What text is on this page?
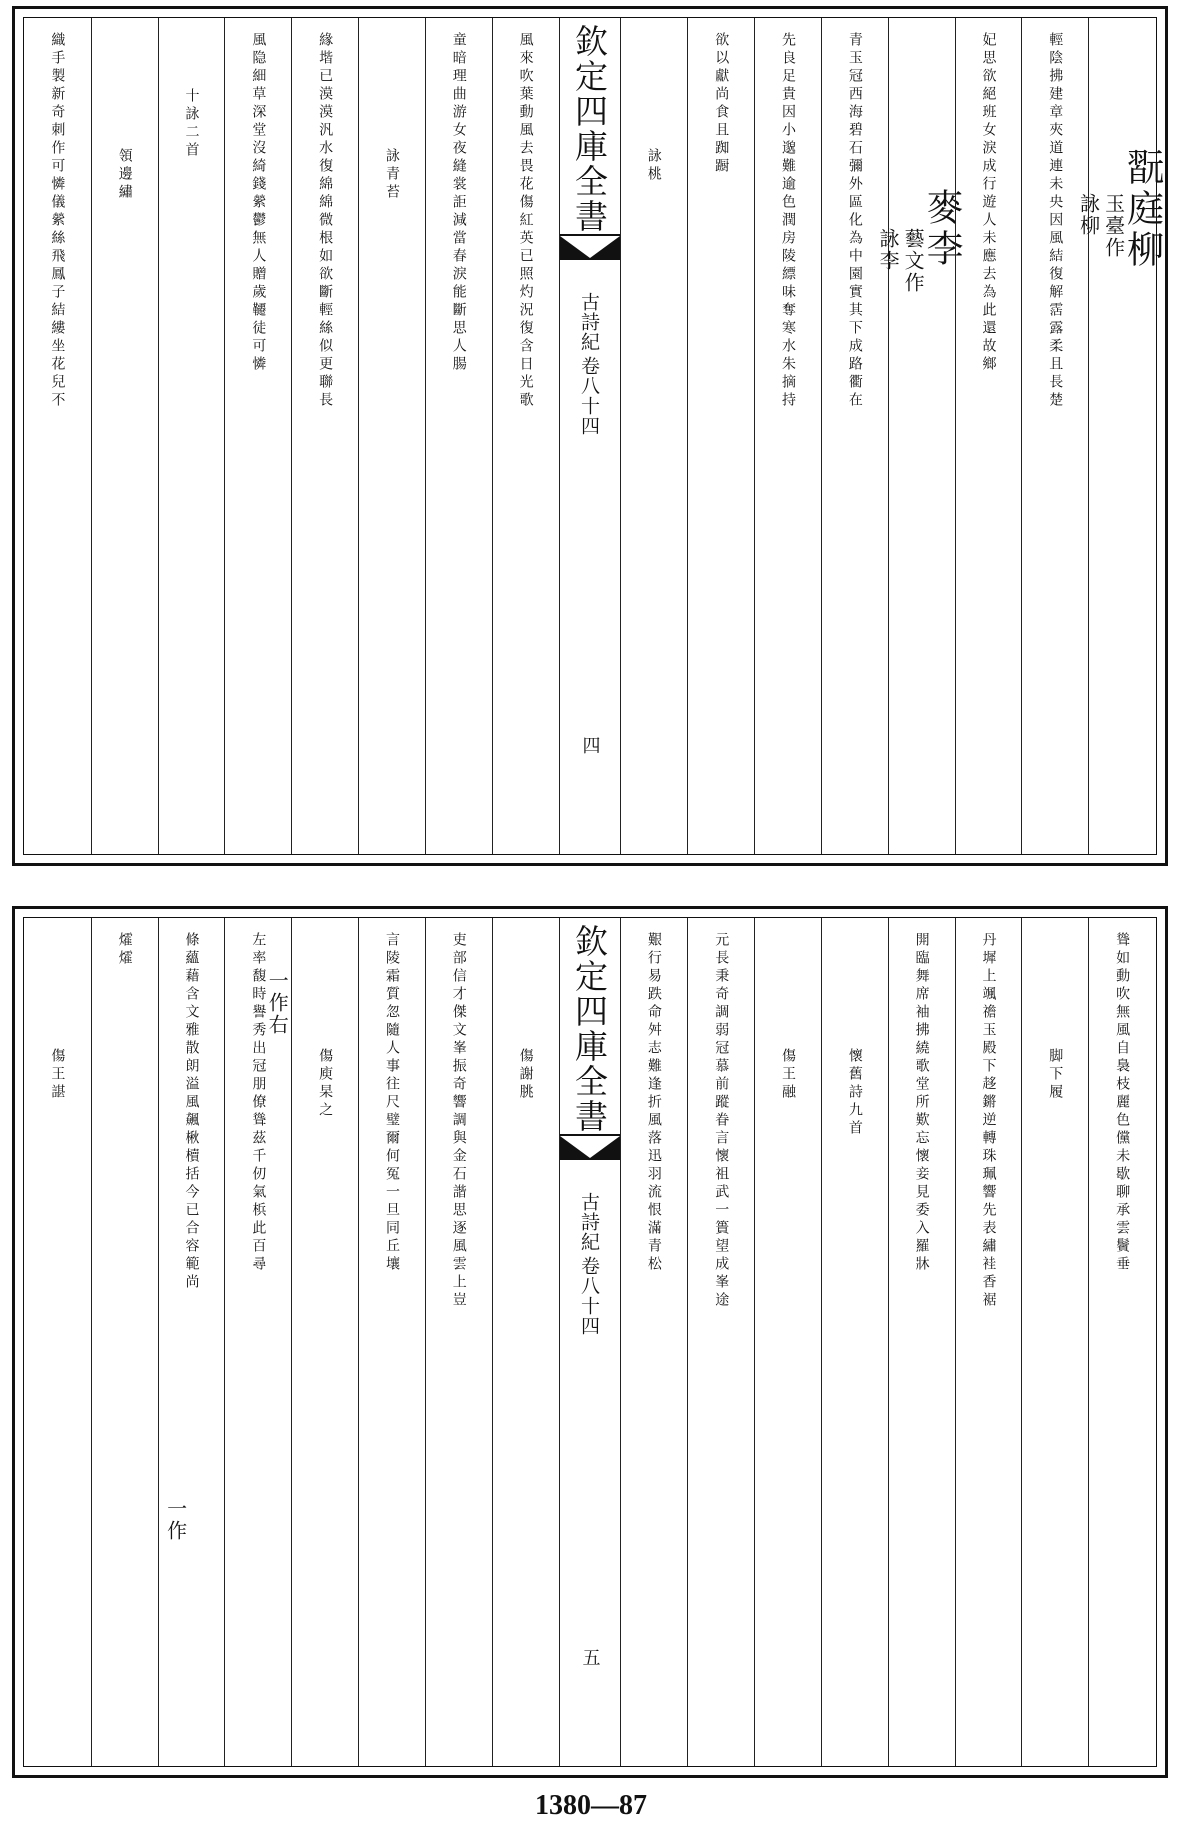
織手製新奇刺作可憐儀縈絲飛鳳子結縷坐花兒不	領邊繡
十詠二首	風隐細草深堂沒綺錢縈鬱無人贈歲韆徒可憐	緣堦已漠漠汎水復綿綿微根如欲斷輕絲似更聯長	詠青苔	童暗理曲游女夜縫裳詎減當春淚能斷思人腸	風來吹葉動風去畏花傷紅英已照灼況復含日光歌 欽定四庫全書
古詩紀
卷八十四
四
詠桃	欲以獻尚食且踟蹰	先良足貴因小邈難逾色潤房陵縹味奪寒水朱摘持	青玉冠西海碧石彌外區化為中園實其下成路衢在 麥李
藝文作
詠李	妃思欲絕班女淚成行遊人未應去為此還故鄉	輕陰拂建章夾道連未央因風結復解霑露柔且長楚 翫庭柳
玉臺作
詠柳
傷王諶
㸌㸌
一作
條蘊藉含文雅散朗溢風飆楸櫝括今已合容範尚	一作右
左率馥時譽秀出冠朋僚聳茲千仞氣梹此百尋	傷庾杲之	言陵霜質忽隨人事往尺璧爾何冤一旦同丘壤	吏部信才傑文峯振奇響調與金石諧思逐風雲上豈	傷謝朓 欽定四庫全書
古詩紀
卷八十四
五
艱行易跌命舛志難逢折風落迅羽流恨滿青松	元長秉奇調弱冠慕前蹤眷言懷祖武一簣望成峯途	傷王融	懷舊詩九首	開臨舞席袖拂繞歌堂所歎忘懷妾見委入羅牀	丹墀上颯䄡玉殿下趍鏘逆轉珠珮響先表繡袿香裾	脚下履	聳如動吹無風自裊枝麗色儻未歇聊承雲鬢垂
1380—87
